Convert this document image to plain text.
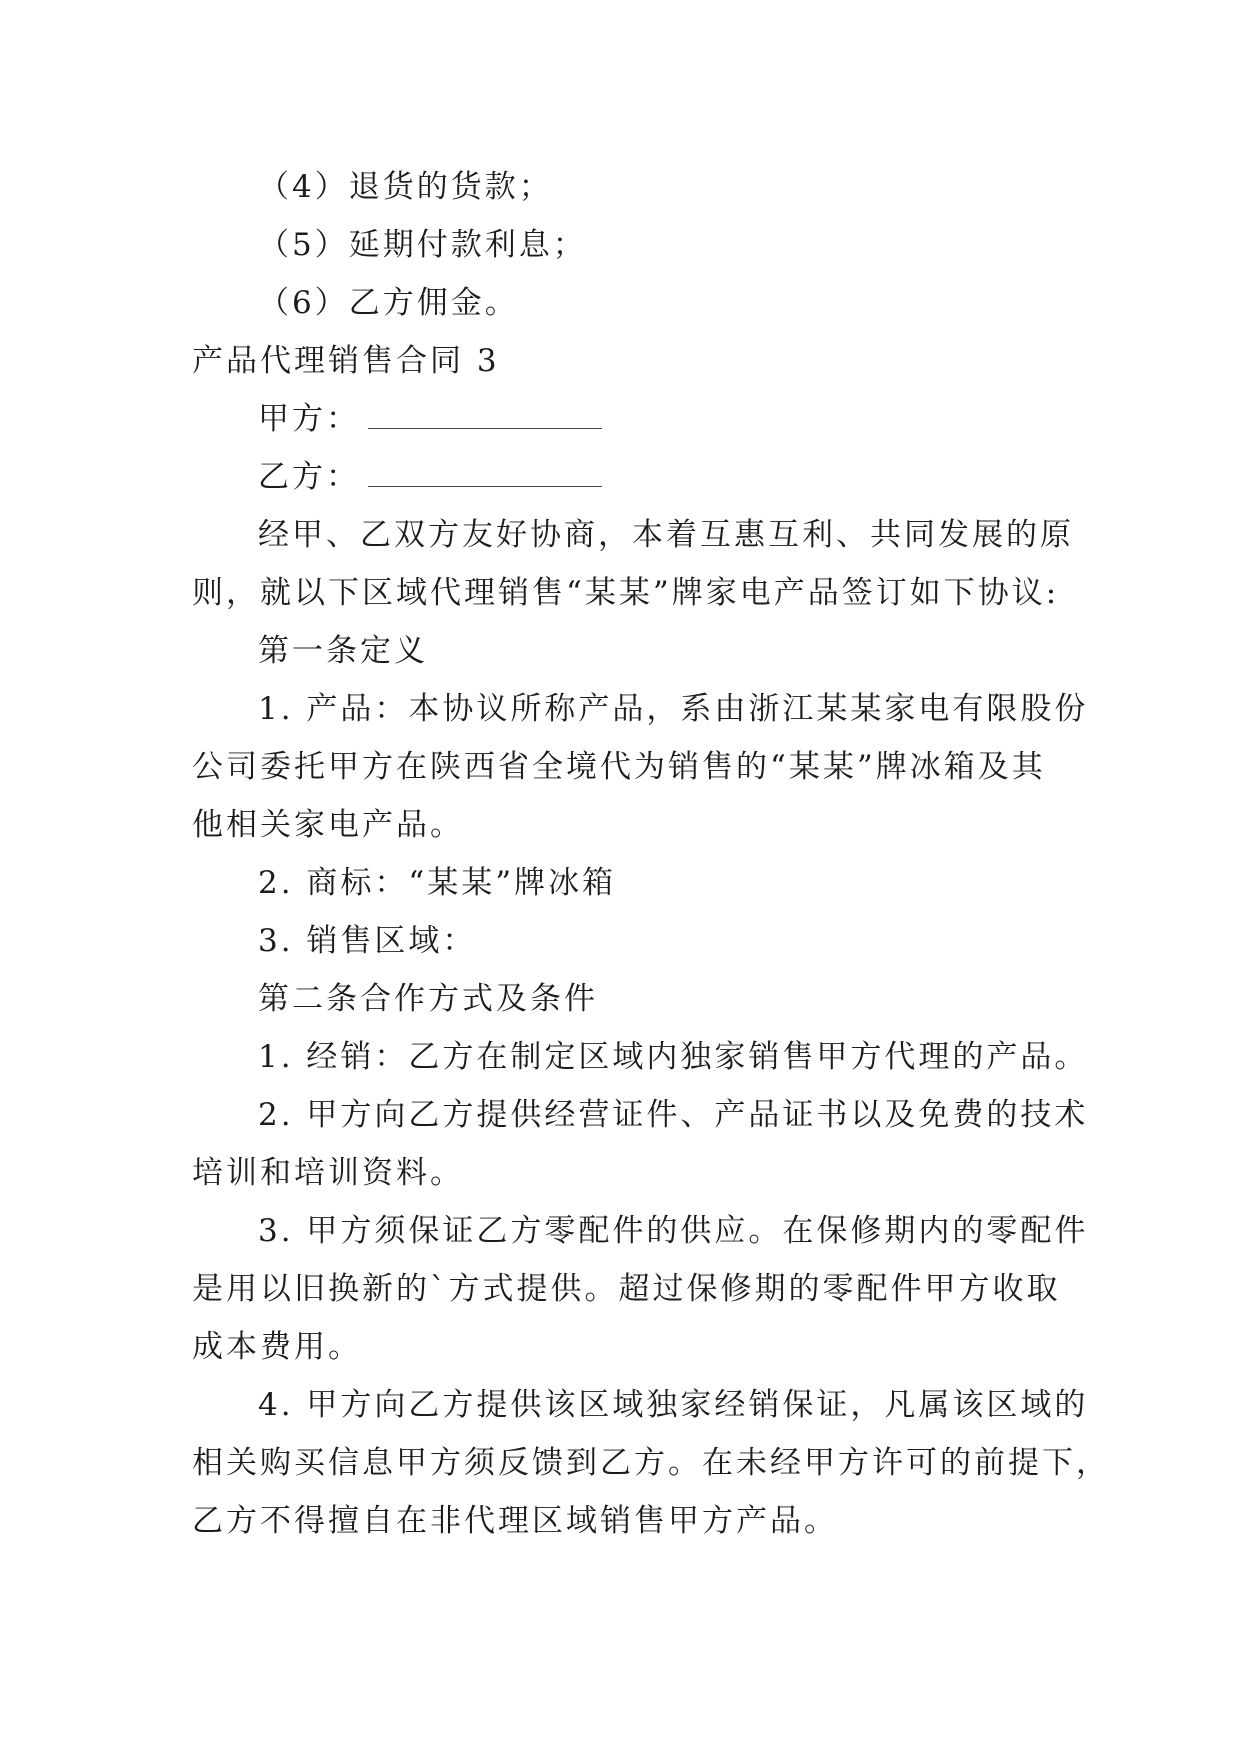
（4）退货的货款；
（5）延期付款利息；
（6）乙方佣金。
产品代理销售合同 3
甲方：
乙方：
经甲、乙双方友好协商，本着互惠互利、共同发展的原
则，就以下区域代理销售“某某”牌家电产品签订如下协议:
第一条定义
1. 产品：本协议所称产品，系由浙江某某家电有限股份
公司委托甲方在陕西省全境代为销售的“某某”牌冰箱及其
他相关家电产品。
2. 商标：“某某”牌冰箱
3. 销售区域：
第二条合作方式及条件
1. 经销：乙方在制定区域内独家销售甲方代理的产品。
2. 甲方向乙方提供经营证件、产品证书以及免费的技术
培训和培训资料。
3. 甲方须保证乙方零配件的供应。在保修期内的零配件
是用以旧换新的`方式提供。超过保修期的零配件甲方收取
成本费用。
4. 甲方向乙方提供该区域独家经销保证，凡属该区域的
相关购买信息甲方须反馈到乙方。在未经甲方许可的前提下，
乙方不得擅自在非代理区域销售甲方产品。
